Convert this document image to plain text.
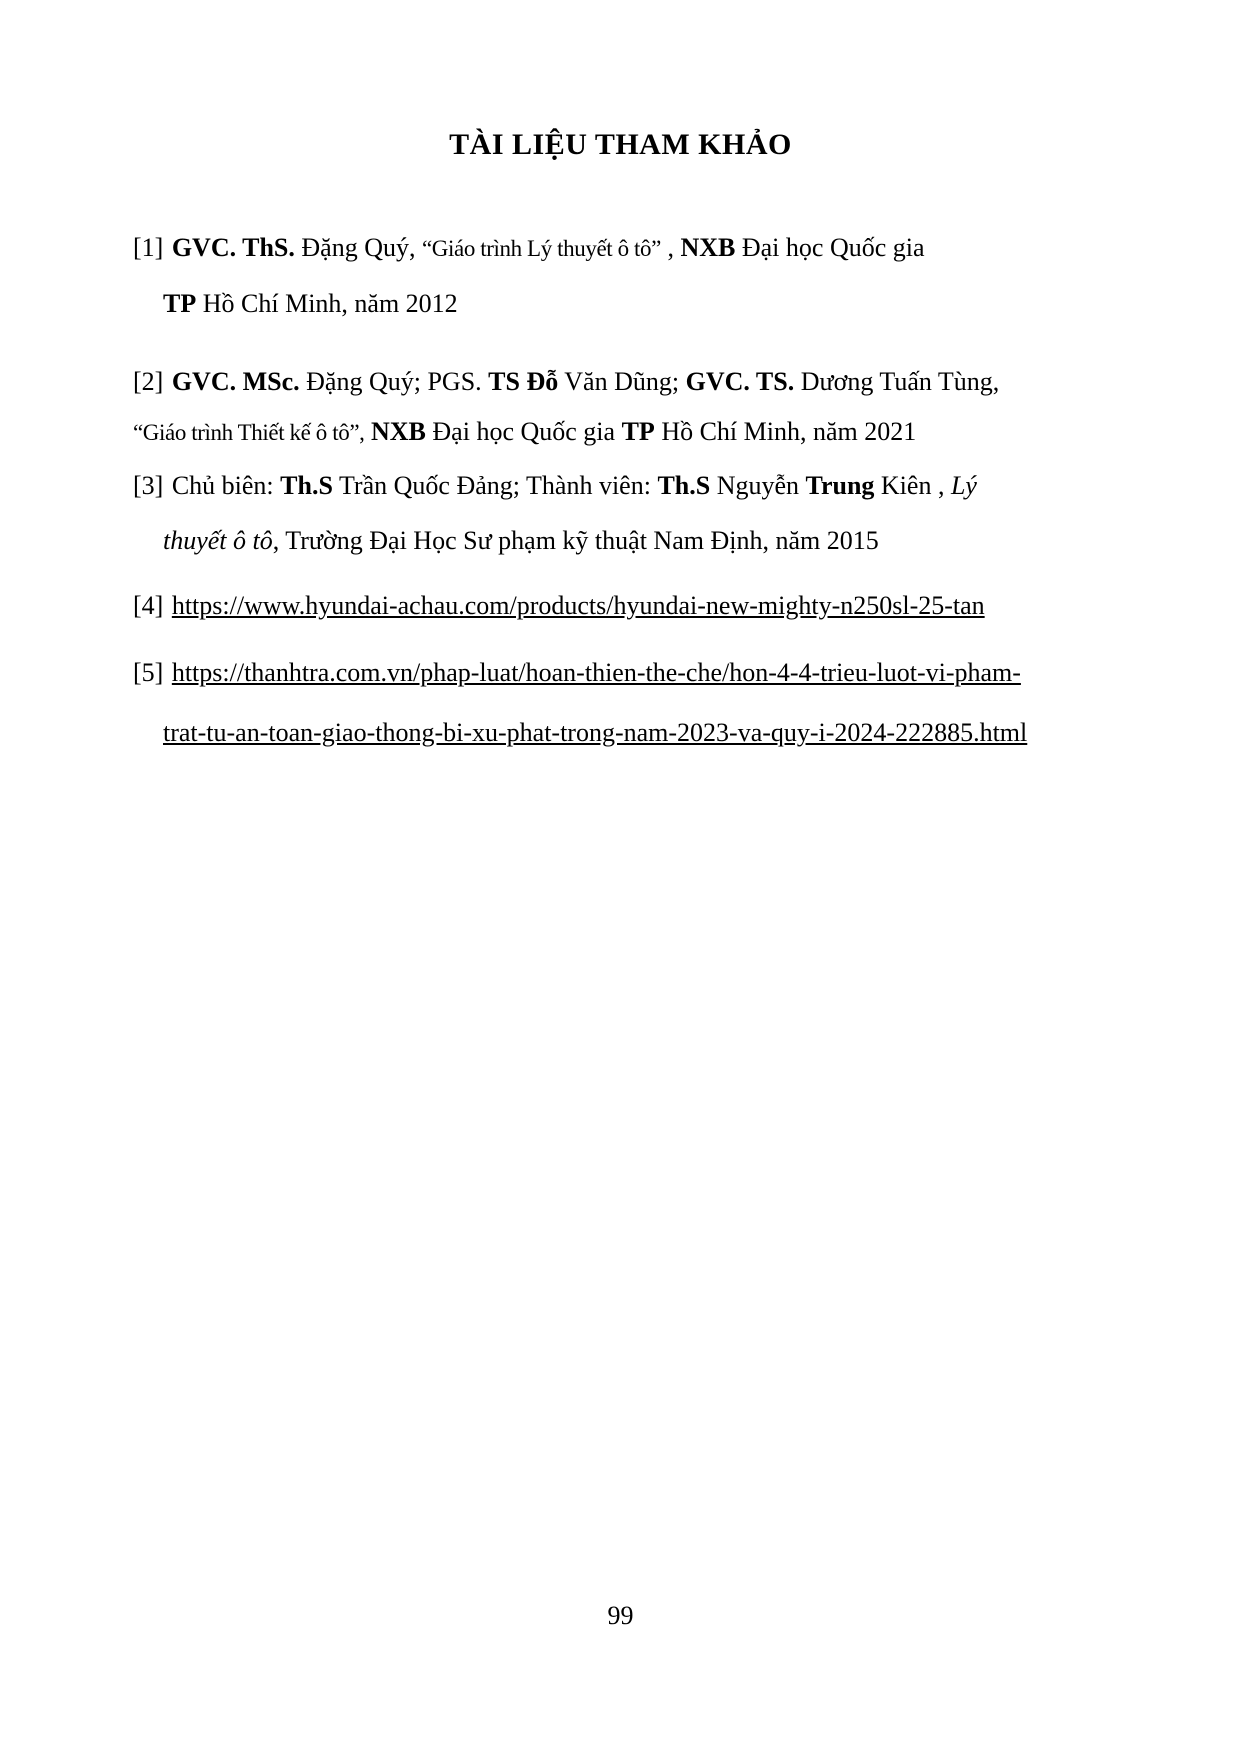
TÀI LIỆU THAM KHẢO
[1] GVC. ThS. Đặng Quý, “Giáo trình Lý thuyết ô tô” , NXB Đại học Quốc gia
TP Hồ Chí Minh, năm 2012
[2] GVC. MSc. Đặng Quý; PGS. TS Đỗ Văn Dũng; GVC. TS. Dương Tuấn Tùng,
“Giáo trình Thiết kế ô tô”, NXB Đại học Quốc gia TP Hồ Chí Minh, năm 2021
[3] Chủ biên: Th.S Trần Quốc Đảng; Thành viên: Th.S Nguyễn Trung Kiên , Lý
thuyết ô tô, Trường Đại Học Sư phạm kỹ thuật Nam Định, năm 2015
[4] https://www.hyundai-achau.com/products/hyundai-new-mighty-n250sl-25-tan
[5] https://thanhtra.com.vn/phap-luat/hoan-thien-the-che/hon-4-4-trieu-luot-vi-pham-
trat-tu-an-toan-giao-thong-bi-xu-phat-trong-nam-2023-va-quy-i-2024-222885.html
99
